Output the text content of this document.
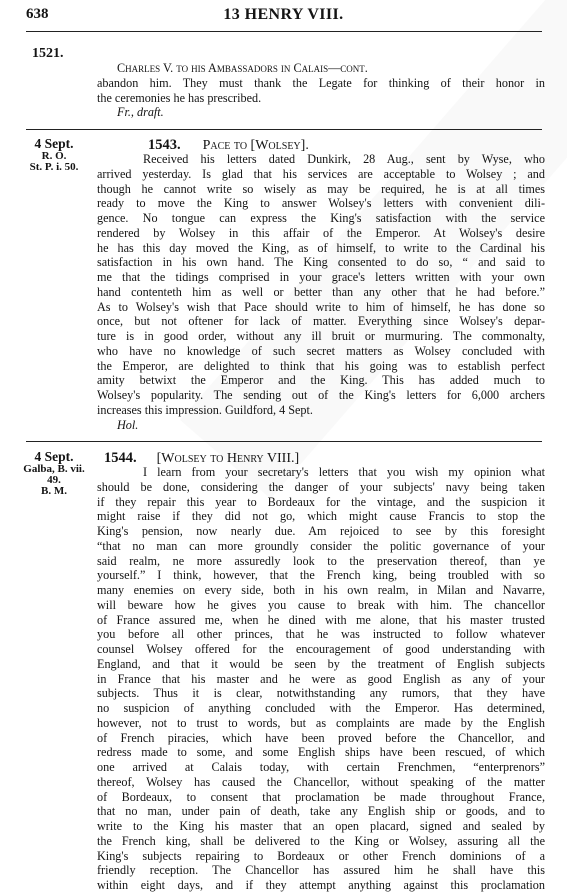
638	13 HENRY VIII.
1521.
Charles V. to his Ambassadors in Calais—cont.
abandon him. They must thank the Legate for thinking of their honor in
the ceremonies he has prescribed.
Fr., draft.
4 Sept.
R. O.
St. P. i. 50.
1543. Pace to [Wolsey].
Received his letters dated Dunkirk, 28 Aug., sent by Wyse, who
arrived yesterday. Is glad that his services are acceptable to Wolsey ; and
though he cannot write so wisely as may be required, he is at all times
ready to move the King to answer Wolsey's letters with convenient dili-
gence. No tongue can express the King's satisfaction with the service
rendered by Wolsey in this affair of the Emperor. At Wolsey's desire
he has this day moved the King, as of himself, to write to the Cardinal his
satisfaction in his own hand. The King consented to do so, “ and said to
me that the tidings comprised in your grace's letters written with your own
hand contenteth him as well or better than any other that he had before.”
As to Wolsey's wish that Pace should write to him of himself, he has done so
once, but not oftener for lack of matter. Everything since Wolsey's depar-
ture is in good order, without any ill bruit or murmuring. The commonalty,
who have no knowledge of such secret matters as Wolsey concluded with
the Emperor, are delighted to think that his going was to establish perfect
amity betwixt the Emperor and the King. This has added much to
Wolsey's popularity. The sending out of the King's letters for 6,000 archers
increases this impression. Guildford, 4 Sept.
Hol.
4 Sept.
Galba, B. vii.
49.
B. M.
1544. [Wolsey to Henry VIII.]
I learn from your secretary's letters that you wish my opinion what
should be done, considering the danger of your subjects' navy being taken
if they repair this year to Bordeaux for the vintage, and the suspicion it
might raise if they did not go, which might cause Francis to stop the
King's pension, now nearly due. Am rejoiced to see by this foresight
“that no man can more groundly consider the politic governance of your
said realm, ne more assuredly look to the preservation thereof, than ye
yourself.” I think, however, that the French king, being troubled with so
many enemies on every side, both in his own realm, in Milan and Navarre,
will beware how he gives you cause to break with him. The chancellor
of France assured me, when he dined with me alone, that his master trusted
you before all other princes, that he was instructed to follow whatever
counsel Wolsey offered for the encouragement of good understanding with
England, and that it would be seen by the treatment of English subjects
in France that his master and he were as good English as any of your
subjects. Thus it is clear, notwithstanding any rumors, that they have
no suspicion of anything concluded with the Emperor. Has determined,
however, not to trust to words, but as complaints are made by the English
of French piracies, which have been proved before the Chancellor, and
redress made to some, and some English ships have been rescued, of which
one arrived at Calais today, with certain Frenchmen, “enterprenors”
thereof, Wolsey has caused the Chancellor, without speaking of the matter
of Bordeaux, to consent that proclamation be made throughout France,
that no man, under pain of death, take any English ship or goods, and to
write to the King his master that an open placard, signed and sealed by
the French king, shall be delivered to the King or Wolsey, assuring all the
King's subjects repairing to Bordeaux or other French dominions of a
friendly reception. The Chancellor has assured him he shall have this
within eight days, and if they attempt anything against this proclamation
